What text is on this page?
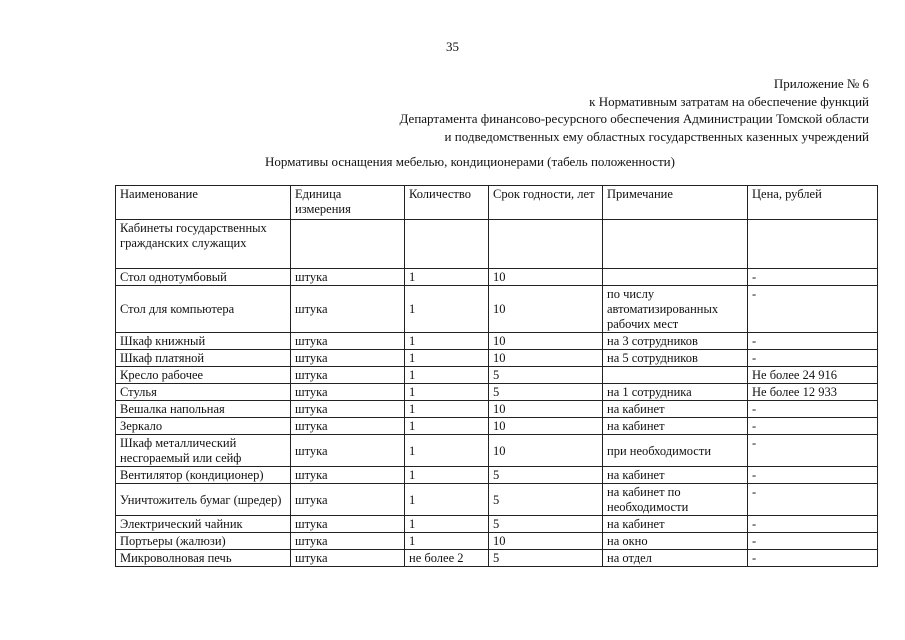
35
Приложение № 6
к Нормативным затратам на обеспечение функций
Департамента финансово-ресурсного обеспечения Администрации Томской области
и подведомственных ему областных государственных казенных учреждений
Нормативы оснащения мебелью, кондиционерами (табель положенности)
Наименование	Единица измерения	Количество	Срок годности, лет	Примечание	Цена, рублей
Кабинеты государственных гражданских служащих					
Стол однотумбовый	штука	1	10		-
Стол для компьютера	штука	1	10	по числу автоматизированных рабочих мест	-
Шкаф книжный	штука	1	10	на 3 сотрудников	-
Шкаф платяной	штука	1	10	на 5 сотрудников	-
Кресло рабочее	штука	1	5		Не более 24 916
Стулья	штука	1	5	на 1 сотрудника	Не более 12 933
Вешалка напольная	штука	1	10	на кабинет	-
Зеркало	штука	1	10	на кабинет	-
Шкаф металлический несгораемый или сейф	штука	1	10	при необходимости	-
Вентилятор (кондиционер)	штука	1	5	на кабинет	-
Уничтожитель бумаг (шредер)	штука	1	5	на кабинет по необходимости	-
Электрический чайник	штука	1	5	на кабинет	-
Портьеры (жалюзи)	штука	1	10	на окно	-
Микроволновая печь	штука	не более 2	5	на отдел	-
